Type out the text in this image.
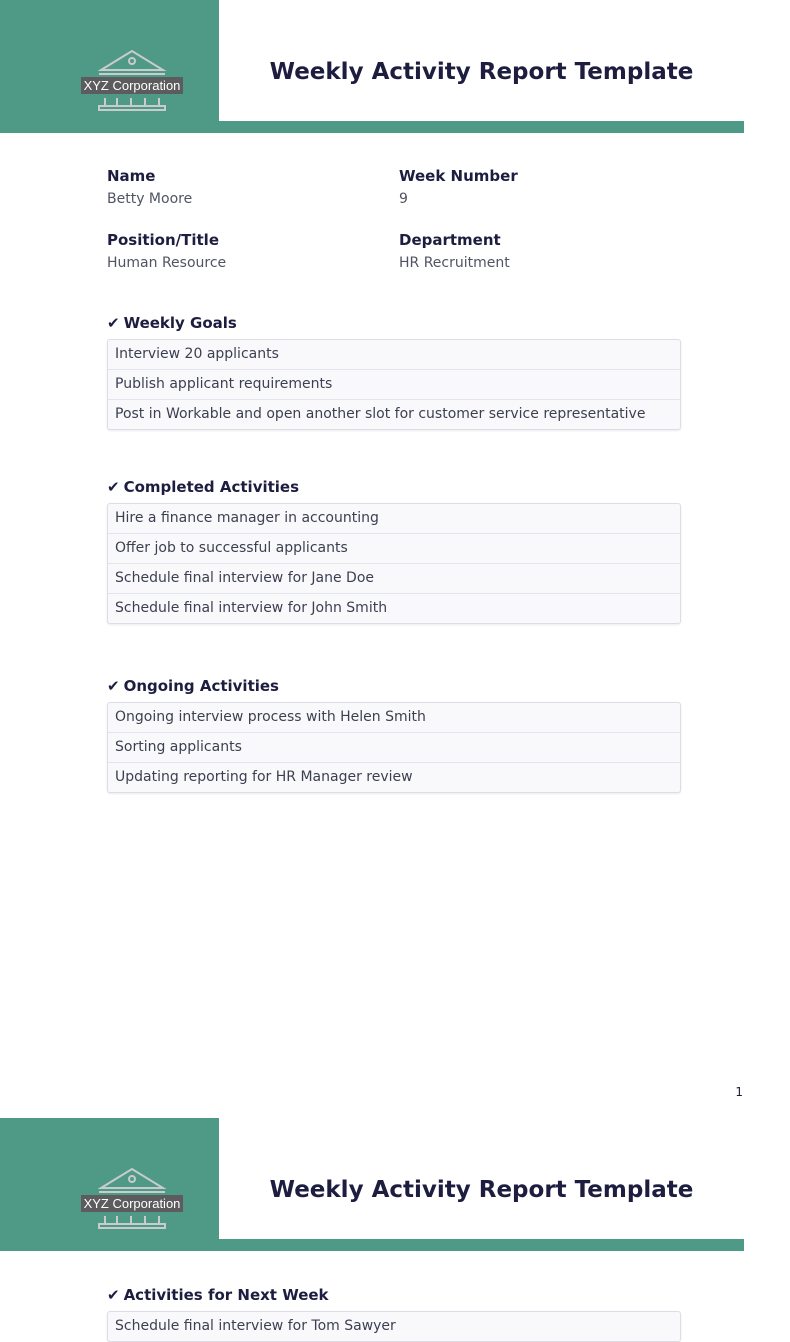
XYZ Corporation
Weekly Activity Report Template
Name
Betty Moore
Week Number
9
Position/Title
Human Resource
Department
HR Recruitment
✔ Weekly Goals
Interview 20 applicants
Publish applicant requirements
Post in Workable and open another slot for customer service representative
✔ Completed Activities
Hire a finance manager in accounting
Offer job to successful applicants
Schedule final interview for Jane Doe
Schedule final interview for John Smith
✔ Ongoing Activities
Ongoing interview process with Helen Smith
Sorting applicants
Updating reporting for HR Manager review
1
XYZ Corporation
Weekly Activity Report Template
✔ Activities for Next Week
Schedule final interview for Tom Sawyer
